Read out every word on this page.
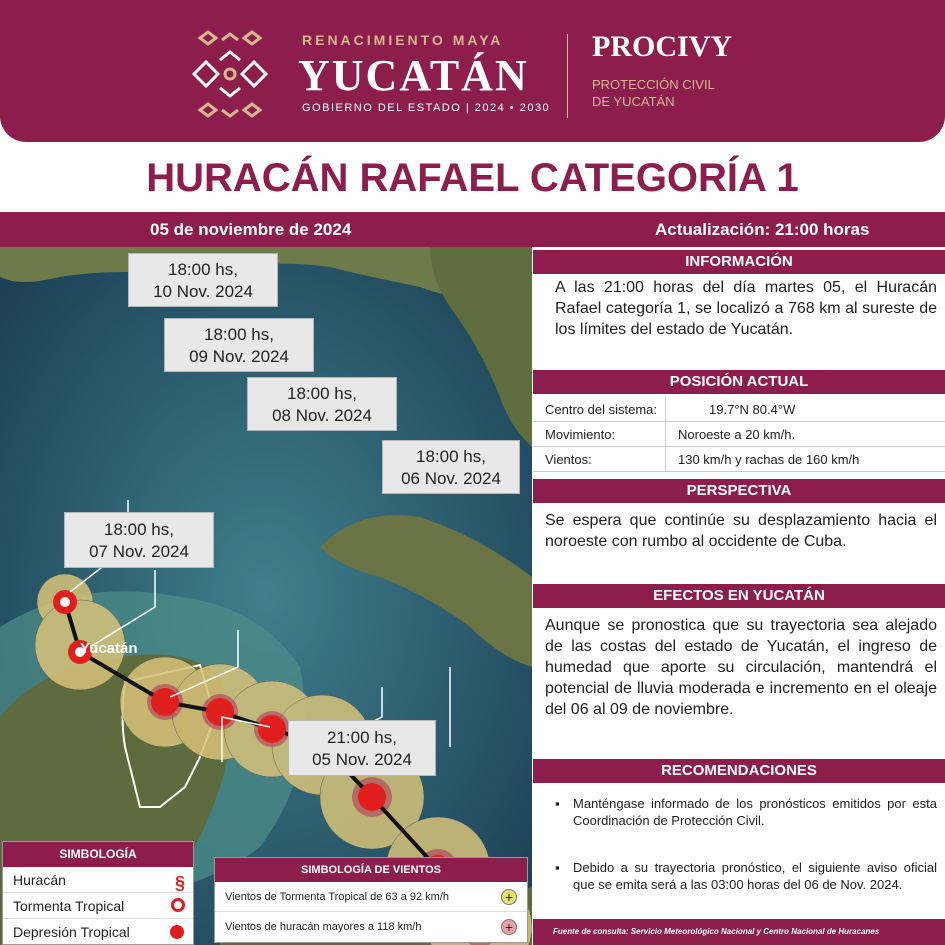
RENACIMIENTO MAYA
YUCATÁN
GOBIERNO DEL ESTADO | 2024 • 2030
PROCIVY
PROTECCIÓN CIVIL
DE YUCATÁN
HURACÁN RAFAEL CATEGORÍA 1
05 de noviembre de 2024	Actualización: 21:00 horas
Yucatán
18:00 hs,
10 Nov. 2024
18:00 hs,
09 Nov. 2024
18:00 hs,
08 Nov. 2024
18:00 hs,
06 Nov. 2024
18:00 hs,
07 Nov. 2024
21:00 hs,
05 Nov. 2024
SIMBOLOGÍA
Huracán	§
Tormenta Tropical
Depresión Tropical
SIMBOLOGÍA DE VIENTOS
Vientos de Tormenta Tropical de 63 a 92 km/h	+
Vientos de huracán mayores a 118 km/h	+
INFORMACIÓN
A las 21:00 horas del día martes 05, el Huracán Rafael categoría 1, se localizó a 768 km al sureste de los límites del estado de Yucatán.
POSICIÓN ACTUAL
Centro del sistema:	19.7°N 80.4°W
Movimiento:	Noroeste a 20 km/h.
Vientos:	130 km/h y rachas de 160 km/h
PERSPECTIVA
Se espera que continúe su desplazamiento hacia el noroeste con rumbo al occidente de Cuba.
EFECTOS EN YUCATÁN
Aunque se pronostica que su trayectoria sea alejado de las costas del estado de Yucatán, el ingreso de humedad que aporte su circulación, mantendrá el potencial de lluvia moderada e incremento en el oleaje del 06 al 09 de noviembre.
RECOMENDACIONES
▪ Manténgase informado de los pronósticos emitidos por esta Coordinación de Protección Civil.
▪ Debido a su trayectoria pronóstico, el siguiente aviso oficial que se emita será a las 03:00 horas del 06 de Nov. 2024.
Fuente de consulta: Servicio Meteorológico Nacional y Centro Nacional de Huracanes
